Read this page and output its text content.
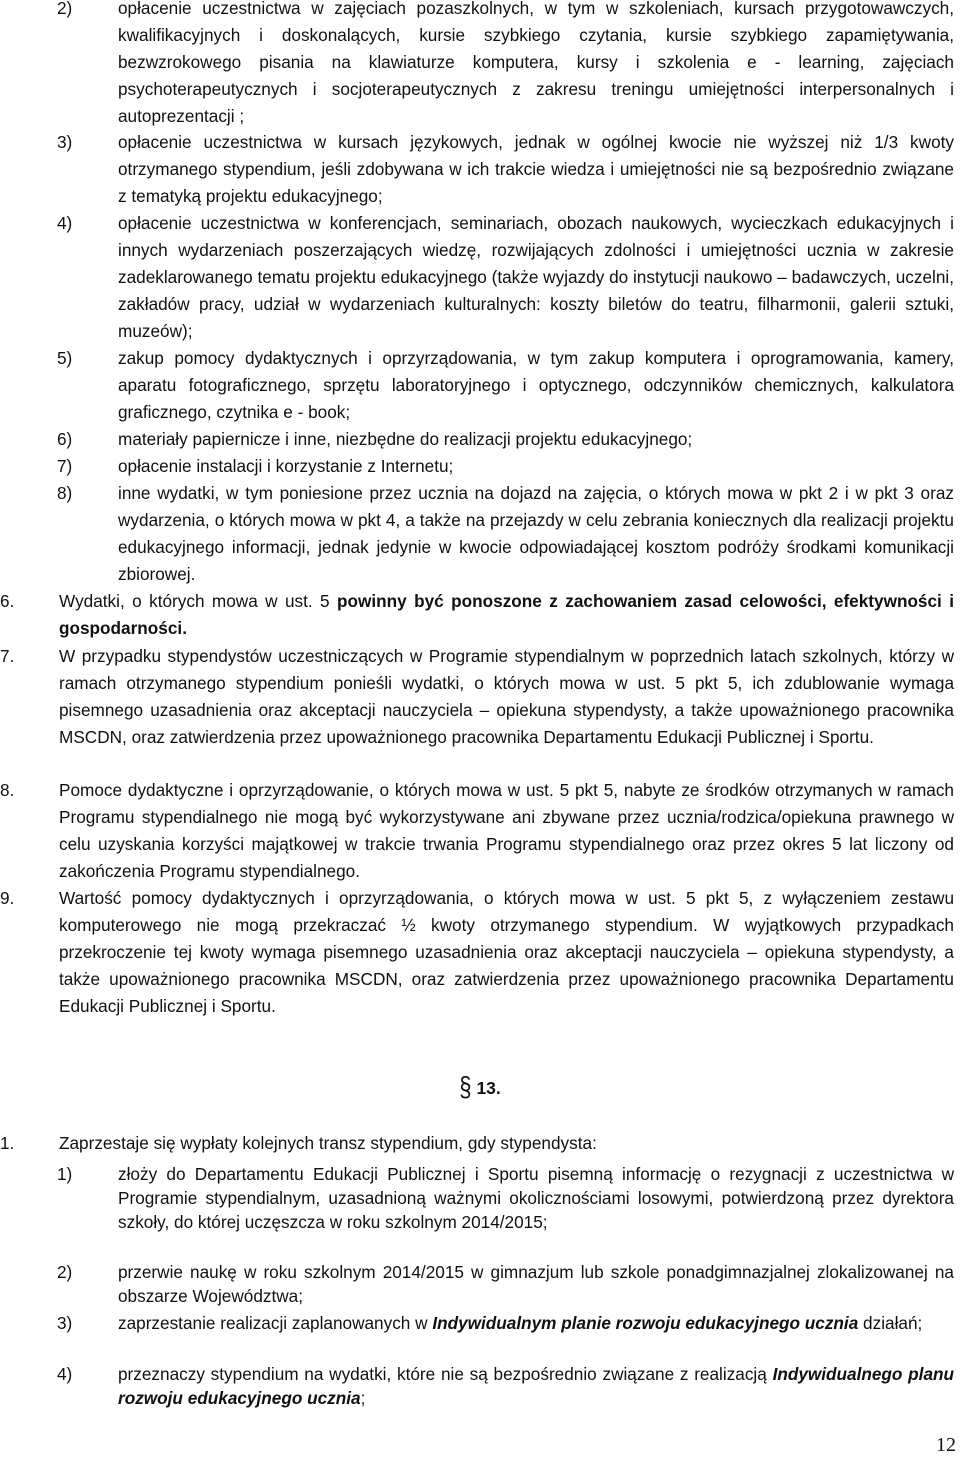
2)	opłacenie uczestnictwa w zajęciach pozaszkolnych, w tym w szkoleniach, kursach przygotowawczych, kwalifikacyjnych i doskonalących, kursie szybkiego czytania, kursie szybkiego zapamiętywania, bezwzrokowego pisania na klawiaturze komputera, kursy i szkolenia e - learning, zajęciach psychoterapeutycznych i socjoterapeutycznych z zakresu treningu umiejętności interpersonalnych i autoprezentacji ;
3)	opłacenie uczestnictwa w kursach językowych, jednak w ogólnej kwocie nie wyższej niż 1/3 kwoty otrzymanego stypendium, jeśli zdobywana w ich trakcie wiedza i umiejętności nie są bezpośrednio związane z tematyką projektu edukacyjnego;
4)	opłacenie uczestnictwa w konferencjach, seminariach, obozach naukowych, wycieczkach edukacyjnych i innych wydarzeniach poszerzających wiedzę, rozwijających zdolności i umiejętności ucznia w zakresie zadeklarowanego tematu projektu edukacyjnego (także wyjazdy do instytucji naukowo – badawczych, uczelni, zakładów pracy, udział w wydarzeniach kulturalnych: koszty biletów do teatru, filharmonii, galerii sztuki, muzeów);
5)	zakup pomocy dydaktycznych i oprzyrządowania, w tym zakup komputera i oprogramowania, kamery, aparatu fotograficznego, sprzętu laboratoryjnego i optycznego, odczynników chemicznych, kalkulatora graficznego, czytnika e - book;
6)	materiały papiernicze i inne, niezbędne do realizacji projektu edukacyjnego;
7)	opłacenie instalacji i korzystanie z Internetu;
8)	inne wydatki, w tym poniesione przez ucznia na dojazd na zajęcia, o których mowa w pkt 2 i w pkt 3 oraz wydarzenia, o których mowa w pkt 4, a także na przejazdy w celu zebrania koniecznych dla realizacji projektu edukacyjnego informacji, jednak jedynie w kwocie odpowiadającej kosztom podróży środkami komunikacji zbiorowej.
6.	Wydatki, o których mowa w ust. 5 powinny być ponoszone z zachowaniem zasad celowości, efektywności i gospodarności.
7.	W przypadku stypendystów uczestniczących w Programie stypendialnym w poprzednich latach szkolnych, którzy w ramach otrzymanego stypendium ponieśli wydatki, o których mowa w ust. 5 pkt 5, ich zdublowanie wymaga pisemnego uzasadnienia oraz akceptacji nauczyciela – opiekuna stypendysty, a także upoważnionego pracownika MSCDN, oraz zatwierdzenia przez upoważnionego pracownika Departamentu Edukacji Publicznej i Sportu.
8.	Pomoce dydaktyczne i oprzyrządowanie, o których mowa w ust. 5 pkt 5, nabyte ze środków otrzymanych w ramach Programu stypendialnego nie mogą być wykorzystywane ani zbywane przez ucznia/rodzica/opiekuna prawnego w celu uzyskania korzyści majątkowej w trakcie trwania Programu stypendialnego oraz przez okres 5 lat liczony od zakończenia Programu stypendialnego.
9.	Wartość pomocy dydaktycznych i oprzyrządowania, o których mowa w ust. 5 pkt 5, z wyłączeniem zestawu komputerowego nie mogą przekraczać ½ kwoty otrzymanego stypendium. W wyjątkowych przypadkach przekroczenie tej kwoty wymaga pisemnego uzasadnienia oraz akceptacji nauczyciela – opiekuna stypendysty, a także upoważnionego pracownika MSCDN, oraz zatwierdzenia przez upoważnionego pracownika Departamentu Edukacji Publicznej i Sportu.
§ 13.
1.	Zaprzestaje się wypłaty kolejnych transz stypendium, gdy stypendysta:
1)	złoży do Departamentu Edukacji Publicznej i Sportu pisemną informację o rezygnacji z uczestnictwa w Programie stypendialnym, uzasadnioną ważnymi okolicznościami losowymi, potwierdzoną przez dyrektora szkoły, do której uczęszcza w roku szkolnym 2014/2015;
2)	przerwie naukę w roku szkolnym 2014/2015 w gimnazjum lub szkole ponadgimnazjalnej zlokalizowanej na obszarze Województwa;
3)	zaprzestanie realizacji zaplanowanych w Indywidualnym planie rozwoju edukacyjnego ucznia działań;
4)	przeznaczy stypendium na wydatki, które nie są bezpośrednio związane z realizacją Indywidualnego planu rozwoju edukacyjnego ucznia;
12
